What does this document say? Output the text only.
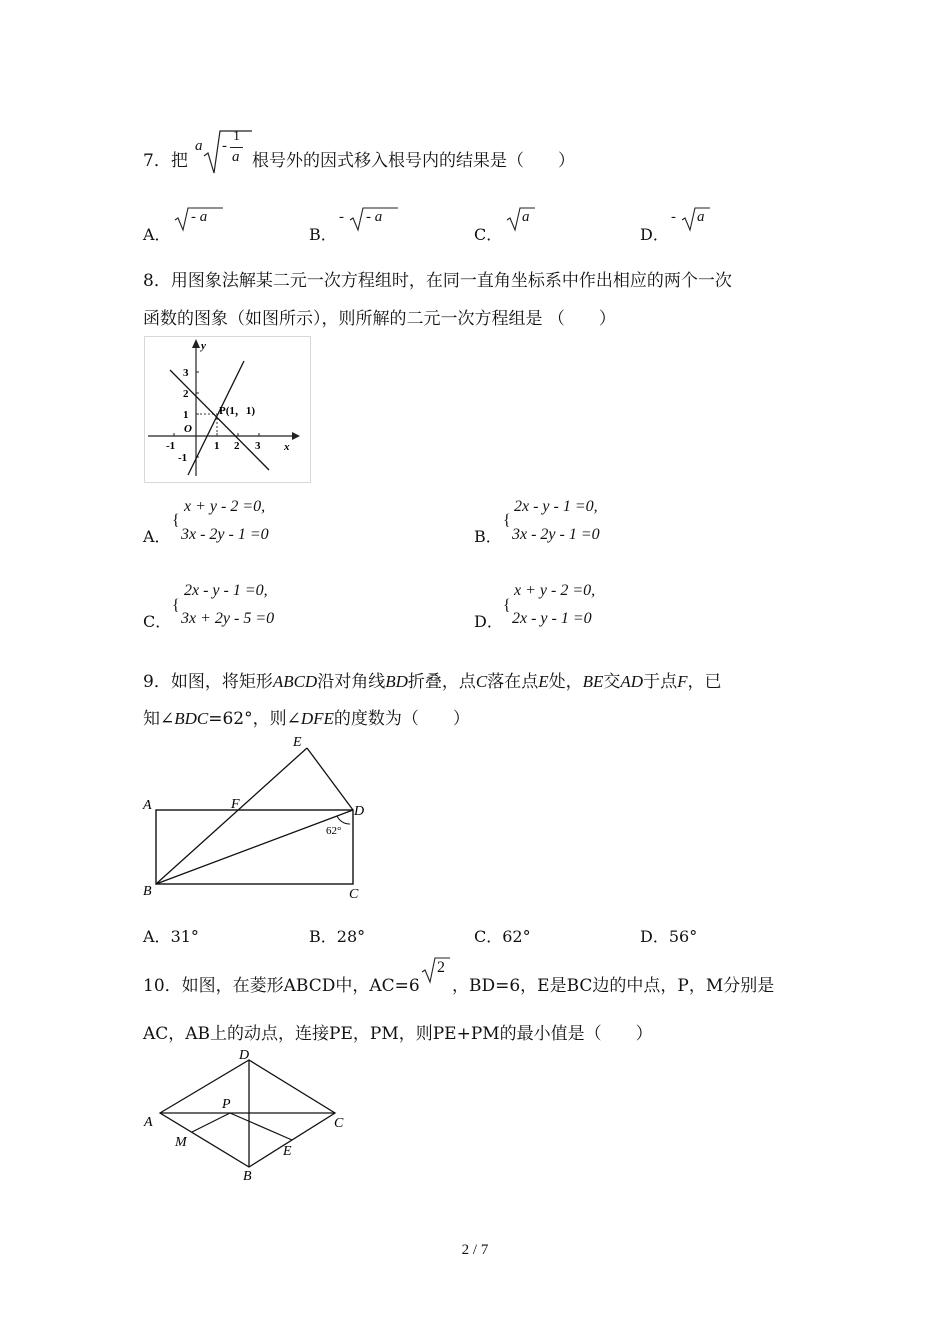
7．把
a -
1
a 根号外的因式移入根号内的结果是（　　）
A．
- a
B．
- - a
C．
a
D．
- a
8．用图象法解某二元一次方程组时，在同一直角坐标系中作出相应的两个一次
函数的图象（如图所示），则所解的二元一次方程组是 （　　）
y
x
O
P(1，1)
-1	1 2 3
3
2
1
-1
A．
{
x + y - 2 =0,
3x - 2y - 1 =0	B．
{
2x - y - 1 =0,
3x - 2y - 1 =0
C．
{
2x - y - 1 =0,
3x + 2y - 5 =0	D．
{
x + y - 2 =0,
2x - y - 1 =0
9．如图，将矩形ABCD沿对角线BD折叠，点C落在点E处，BE交AD于点F，已
知∠BDC=62°，则∠DFE的度数为（　　）
A
B	C
D
E
F
62°
A．31°	B．28°	C．62°	D．56°
10．如图，在菱形ABCD中，AC=6
2
，BD=6，E是BC边的中点，P，M分别是
AC，AB上的动点，连接PE，PM，则PE+PM的最小值是（　　）
A
B
C
D
E
M
P
2 / 7
